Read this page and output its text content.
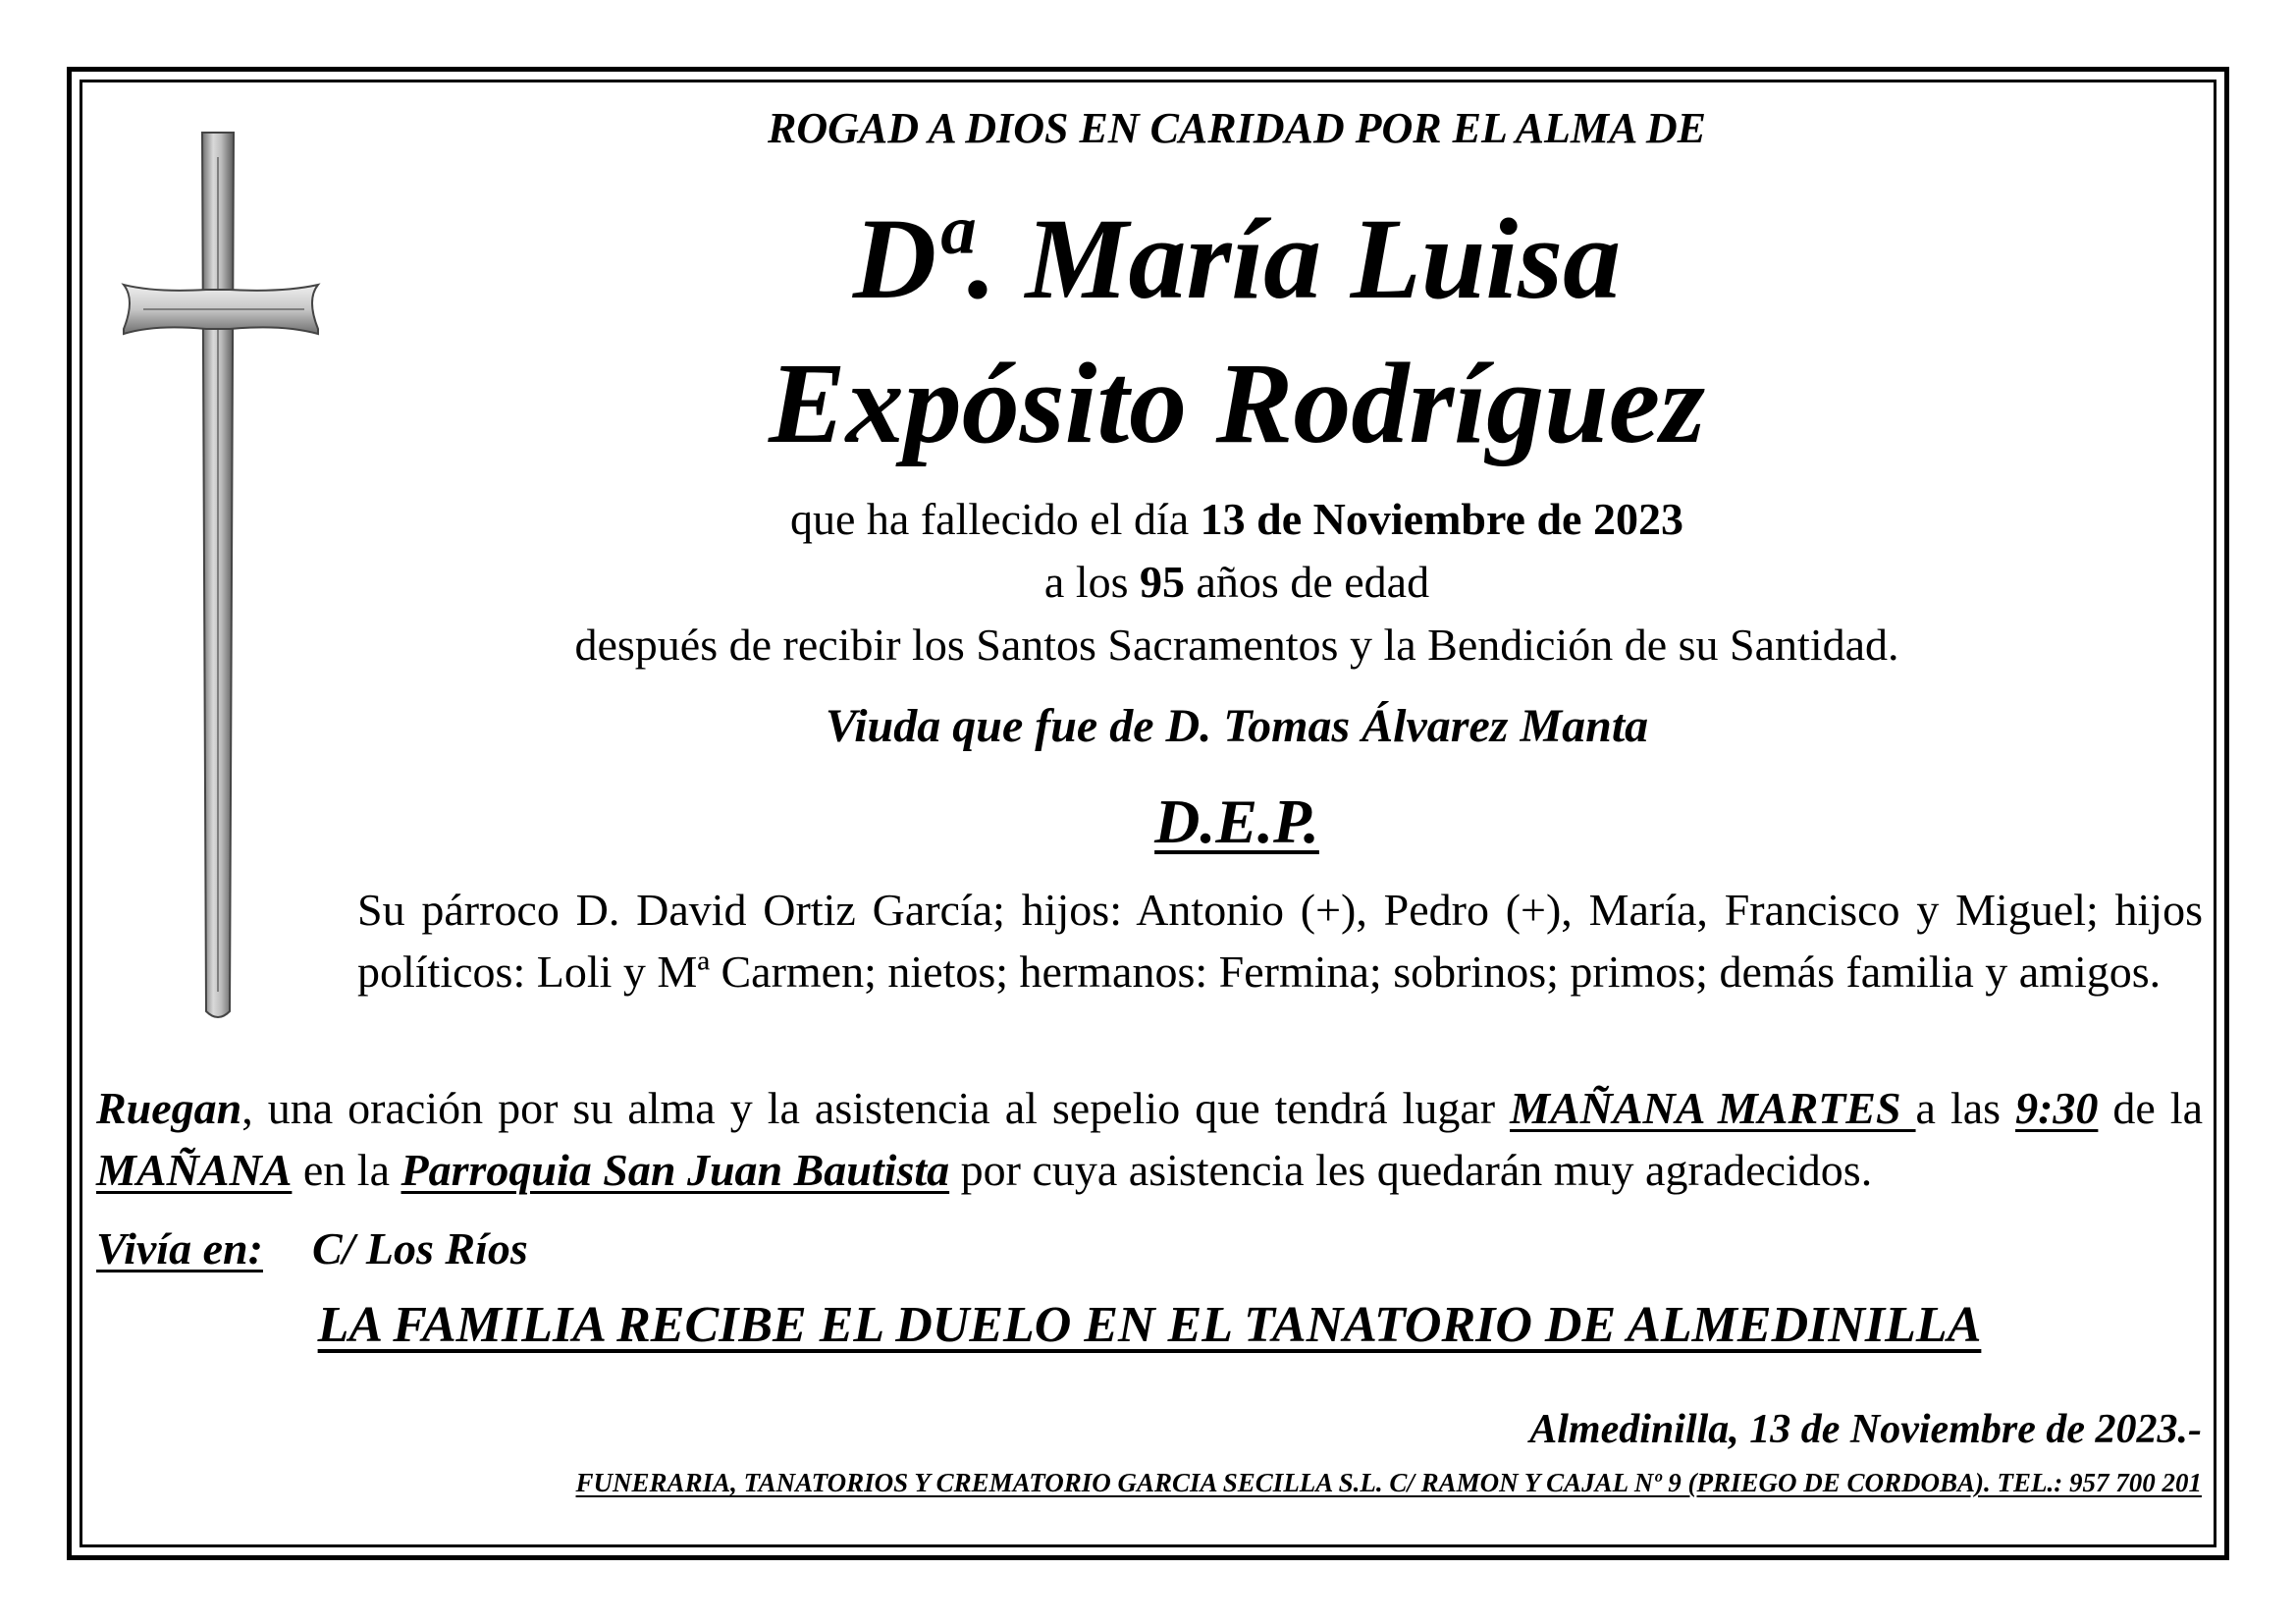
ROGAD A DIOS EN CARIDAD POR EL ALMA DE
Dª. María Luisa
Expósito Rodríguez
que ha fallecido el día 13 de Noviembre de 2023
a los 95 años de edad
después de recibir los Santos Sacramentos y la Bendición de su Santidad.
Viuda que fue de D. Tomas Álvarez Manta
D.E.P.
Su párroco D. David Ortiz García; hijos: Antonio (+), Pedro (+), María, Francisco y Miguel; hijos políticos: Loli y Mª Carmen; nietos; hermanos: Fermina; sobrinos; primos; demás familia y amigos.
Ruegan, una oración por su alma y la asistencia al sepelio que tendrá lugar MAÑANA MARTES a las 9:30 de la MAÑANA en la Parroquia San Juan Bautista por cuya asistencia les quedarán muy agradecidos.
Vivía en: C/ Los Ríos
LA FAMILIA RECIBE EL DUELO EN EL TANATORIO DE ALMEDINILLA
Almedinilla, 13 de Noviembre de 2023.-
FUNERARIA, TANATORIOS Y CREMATORIO GARCIA SECILLA S.L. C/ RAMON Y CAJAL Nº 9 (PRIEGO DE CORDOBA). TEL.: 957 700 201
